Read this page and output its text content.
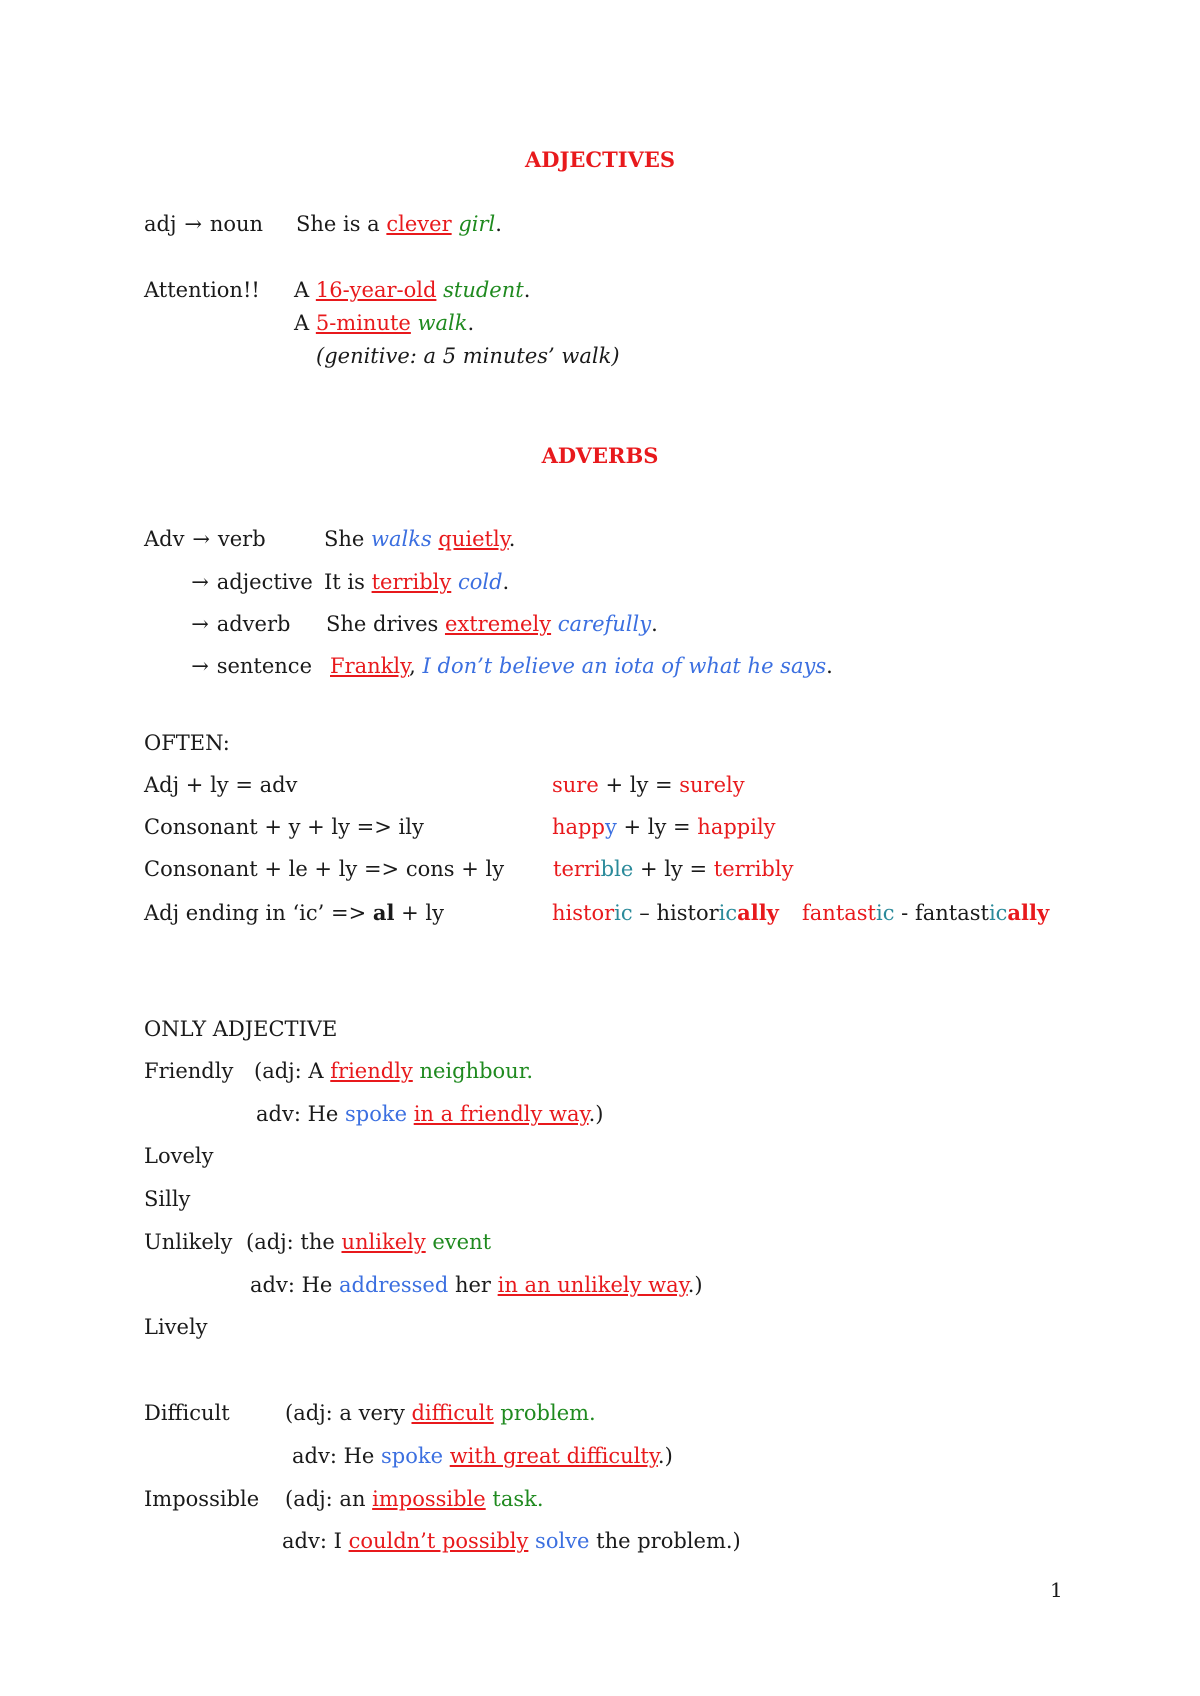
ADJECTIVES
adj → noun She is a clever girl.
Attention!! A 16-year-old student.
A 5-minute walk.
(genitive: a 5 minutes’ walk)
ADVERBS
Adv → verb	She walks quietly.
→ adjective It is terribly cold.
→ adverb She drives extremely carefully.
→ sentence Frankly, I don’t believe an iota of what he says.
OFTEN:
Adj + ly = adv	sure + ly = surely
Consonant + y + ly => ily	happy + ly = happily
Consonant + le + ly => cons + ly terrible + ly = terribly
Adj ending in ‘ic’ => al + ly	historic – historically fantastic - fantastically
ONLY ADJECTIVE
Friendly (adj: A friendly neighbour.
adv: He spoke in a friendly way.)
Lovely
Silly
Unlikely (adj: the unlikely event
adv: He addressed her in an unlikely way.)
Lively
Difficult	(adj: a very difficult problem.
adv: He spoke with great difficulty.)
Impossible (adj: an impossible task.
adv: I couldn’t possibly solve the problem.)
1
